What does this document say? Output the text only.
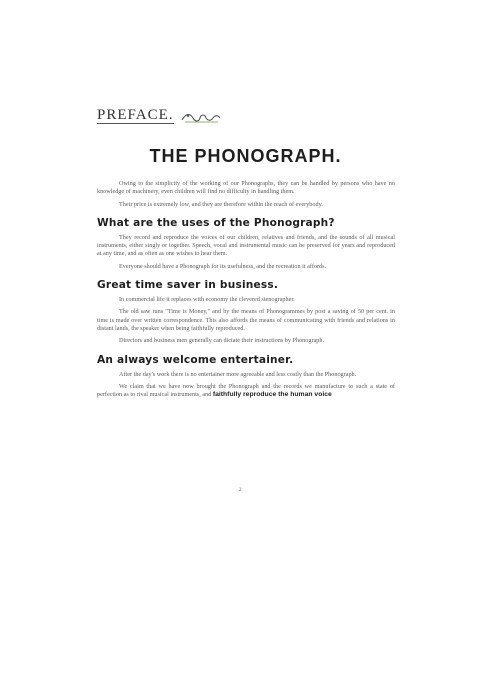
PREFACE.
THE PHONOGRAPH.

Owing to the simplicity of the working of our Phonographs, they can be handled by persons who have no knowledge of machinery, even children will find no difficulty in handling them.

Their price is extremely low, and they are therefore within the reach of everybody.

What are the uses of the Phonograph?

They record and reproduce the voices of our children, relatives and friends, and the sounds of all musical instruments, either singly or together. Speech, vocal and instrumental music can be preserved for years and reproduced at any time, and as often as one wishes to hear them.

Everyone should have a Phonograph for its usefulness, and the recreation it affords.

Great time saver in business.

In commercial life it replaces with economy the clevered stenographer.

The old saw runs "Time is Money," and by the means of Phonogrammes by post a saving of 50 per cent. in time is made over written correspondence. This also affords the means of communicating with friends and relations in distant lands, the speaker when being faithfully reproduced.

Directors and business men generally can dictate their instructions by Phonograph.

An always welcome entertainer.

After the day's work there is no entertainer more agreeable and less costly than the Phonograph.

We claim that we have now brought the Phonograph and the records we manufacture to such a state of perfection as to rival musical instruments, and faithfully reproduce the human voice

2
